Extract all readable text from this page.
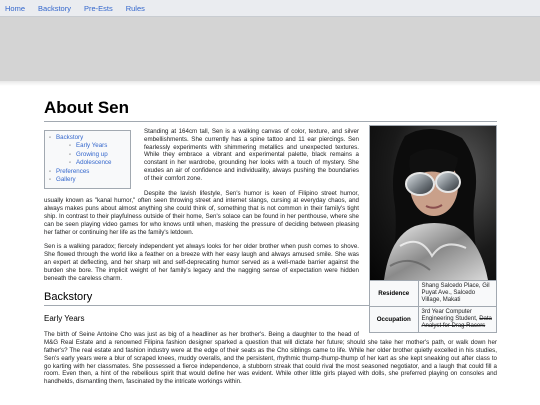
Home Backstory Pre-Ests Rules
About Sen
Residence	Shang Salcedo Place, Gil Puyat Ave., Salcedo Village, Makati
Occupation	3rd Year Computer Engineering Student, Data Analyst for Drag Racers
◦ Backstory
◦ Early Years
◦ Growing up
◦ Adolescence
◦ Preferences
◦ Gallery

Standing at 164cm tall, Sen is a walking canvas of color, texture, and silver embellishments. She currently has a spine tattoo and 11 ear piercings. Sen fearlessly experiments with shimmering metallics and unexpected textures. While they embrace a vibrant and experimental palette, black remains a constant in her wardrobe, grounding her looks with a touch of mystery. She exudes an air of confidence and individuality, always pushing the boundaries of their comfort zone.

Despite the lavish lifestyle, Sen's humor is keen of Filipino street humor, usually known as "kanal humor," often seen throwing street and internet slangs, cursing at everyday chaos, and always makes puns about almost anything she could think of, something that is not common in their family's tight ship. In contrast to their playfulness outside of their home, Sen's solace can be found in her penthouse, where she can be seen playing video games for who knows until when, masking the pressure of deciding between pleasing her father or continuing her life as the family's letdown.

Sen is a walking paradox; fiercely independent yet always looks for her older brother when push comes to shove. She flowed through the world like a feather on a breeze with her easy laugh and always amused smile. She was an expert at deflecting, and her sharp wit and self-deprecating humor served as a well-made barrier against the burden she bore. The implicit weight of her family's legacy and the nagging sense of expectation were hidden beneath the careless charm.

Backstory
Early Years

The birth of Seine Antoine Cho was just as big of a headliner as her brother's. Being a daughter to the head of M&G Real Estate and a renowned Filipina fashion designer sparked a question that will dictate her future; should she take her mother's path, or walk down her father's? The real estate and fashion industry were at the edge of their seats as the Cho siblings came to life. While her older brother quietly excelled in his studies, Sen's early years were a blur of scraped knees, muddy overalls, and the persistent, rhythmic thump-thump-thump of her kart as she kept sneaking out after class to go karting with her classmates. She possessed a fierce independence, a stubborn streak that could rival the most seasoned negotiator, and a laugh that could fill a room. Even then, a hint of the rebellious spirit that would define her was evident. While other little girls played with dolls, she preferred playing on consoles and handhelds, dismantling them, fascinated by the intricate workings within.
